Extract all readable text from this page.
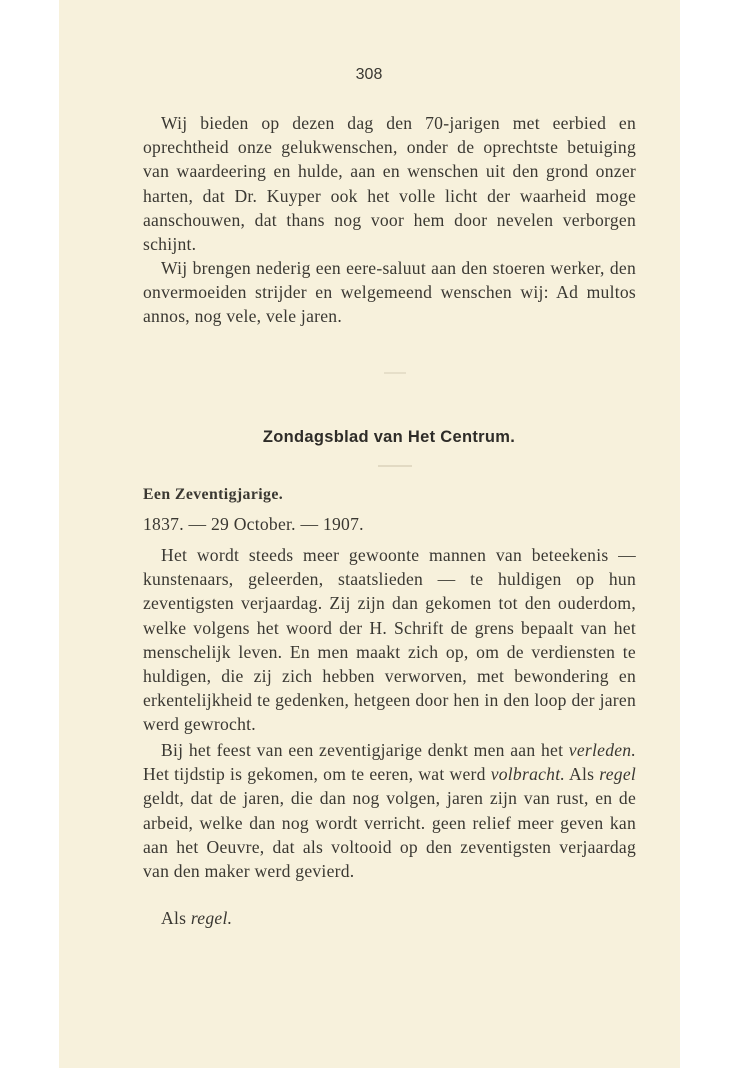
308

Wij bieden op dezen dag den 70-jarigen met eerbied en oprechtheid onze gelukwenschen, onder de oprechtste betuiging van waardeering en hulde, aan en wenschen uit den grond onzer harten, dat Dr. Kuyper ook het volle licht der waarheid moge aanschouwen, dat thans nog voor hem door nevelen verborgen schijnt.

Wij brengen nederig een eere-saluut aan den stoeren werker, den onvermoeiden strijder en welgemeend wenschen wij: Ad multos annos, nog vele, vele jaren.

Zondagsblad van Het Centrum.
Een Zeventigjarige.
1837. — 29 October. — 1907.

Het wordt steeds meer gewoonte mannen van beteekenis — kunstenaars, geleerden, staatslieden — te huldigen op hun zeventigsten verjaardag. Zij zijn dan gekomen tot den ouderdom, welke volgens het woord der H. Schrift de grens bepaalt van het menschelijk leven. En men maakt zich op, om de verdiensten te huldigen, die zij zich hebben verworven, met bewondering en erkentelijkheid te gedenken, hetgeen door hen in den loop der jaren werd gewrocht.

Bij het feest van een zeventigjarige denkt men aan het verleden. Het tijdstip is gekomen, om te eeren, wat werd volbracht. Als regel geldt, dat de jaren, die dan nog volgen, jaren zijn van rust, en de arbeid, welke dan nog wordt verricht. geen relief meer geven kan aan het Oeuvre, dat als voltooid op den zeventigsten verjaardag van den maker werd gevierd.

Als regel.
